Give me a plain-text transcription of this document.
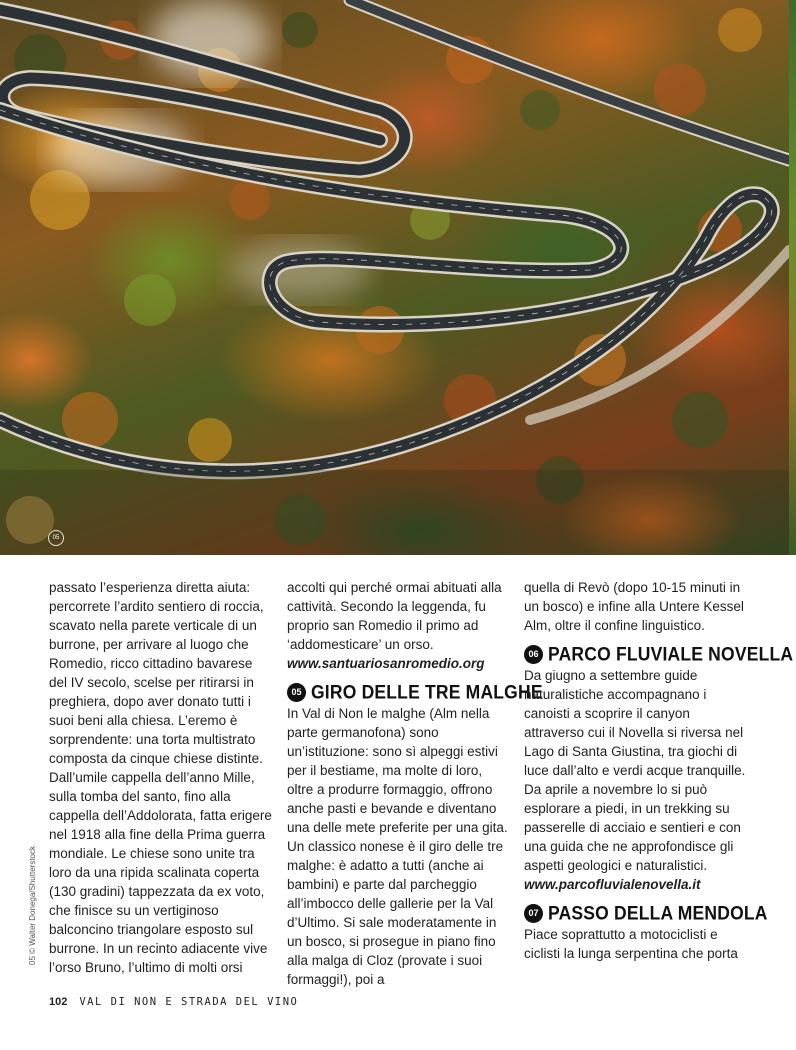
05

passato l’esperienza diretta aiuta: percorrete l’ardito sentiero di roccia, scavato nella parete verticale di un burrone, per arrivare al luogo che Romedio, ricco cittadino bavarese del IV secolo, scelse per ritirarsi in preghiera, dopo aver donato tutti i suoi beni alla chiesa. L’eremo è sorprendente: una torta multistrato composta da cinque chiese distinte. Dall’umile cappella dell’anno Mille, sulla tomba del santo, fino alla cappella dell’Addolorata, fatta erigere nel 1918 alla fine della Prima guerra mondiale. Le chiese sono unite tra loro da una ripida scalinata coperta (130 gradini) tappezzata da ex voto, che finisce su un vertiginoso balconcino triangolare esposto sul burrone. In un recinto adiacente vive l’orso Bruno, l’ultimo di molti orsi

accolti qui perché ormai abituati alla cattività. Secondo la leggenda, fu proprio san Romedio il primo ad ‘addomesticare’ un orso.

www.santuariosanromedio.org

05 GIRO DELLE TRE MALGHE

In Val di Non le malghe (Alm nella parte germanofona) sono un’istituzione: sono sì alpeggi estivi per il bestiame, ma molte di loro, oltre a produrre formaggio, offrono anche pasti e bevande e diventano una delle mete preferite per una gita. Un classico nonese è il giro delle tre malghe: è adatto a tutti (anche ai bambini) e parte dal parcheggio all’imbocco delle gallerie per la Val d’Ultimo. Si sale moderatamente in un bosco, si prosegue in piano fino alla malga di Cloz (provate i suoi formaggi!), poi a

quella di Revò (dopo 10-15 minuti in un bosco) e infine alla Untere Kessel Alm, oltre il confine linguistico.

06 PARCO FLUVIALE NOVELLA

Da giugno a settembre guide naturalistiche accompagnano i canoisti a scoprire il canyon attraverso cui il Novella si riversa nel Lago di Santa Giustina, tra giochi di luce dall’alto e verdi acque tranquille. Da aprile a novembre lo si può esplorare a piedi, in un trekking su passerelle di acciaio e sentieri e con una guida che ne approfondisce gli aspetti geologici e naturalistici.

www.parcofluvialenovella.it

07 PASSO DELLA MENDOLA

Piace soprattutto a motociclisti e ciclisti la lunga serpentina che porta

05 © Walter Donega/Shutterstock
102 VAL DI NON E STRADA DEL VINO
